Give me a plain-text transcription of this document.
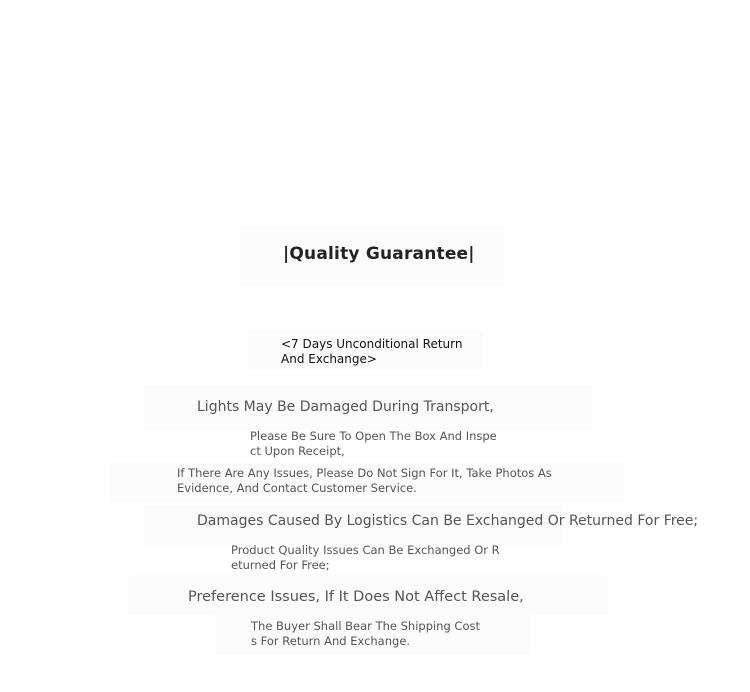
|Quality Guarantee|

<7 Days Unconditional Return And Exchange>

Lights May Be Damaged During Transport,

Please Be Sure To Open The Box And Inspect Upon Receipt,

If There Are Any Issues, Please Do Not Sign For It, Take Photos As Evidence, And Contact Customer Service.

Damages Caused By Logistics Can Be Exchanged Or Returned For Free;

Product Quality Issues Can Be Exchanged Or Returned For Free;

Preference Issues, If It Does Not Affect Resale,

The Buyer Shall Bear The Shipping Costs For Return And Exchange.
